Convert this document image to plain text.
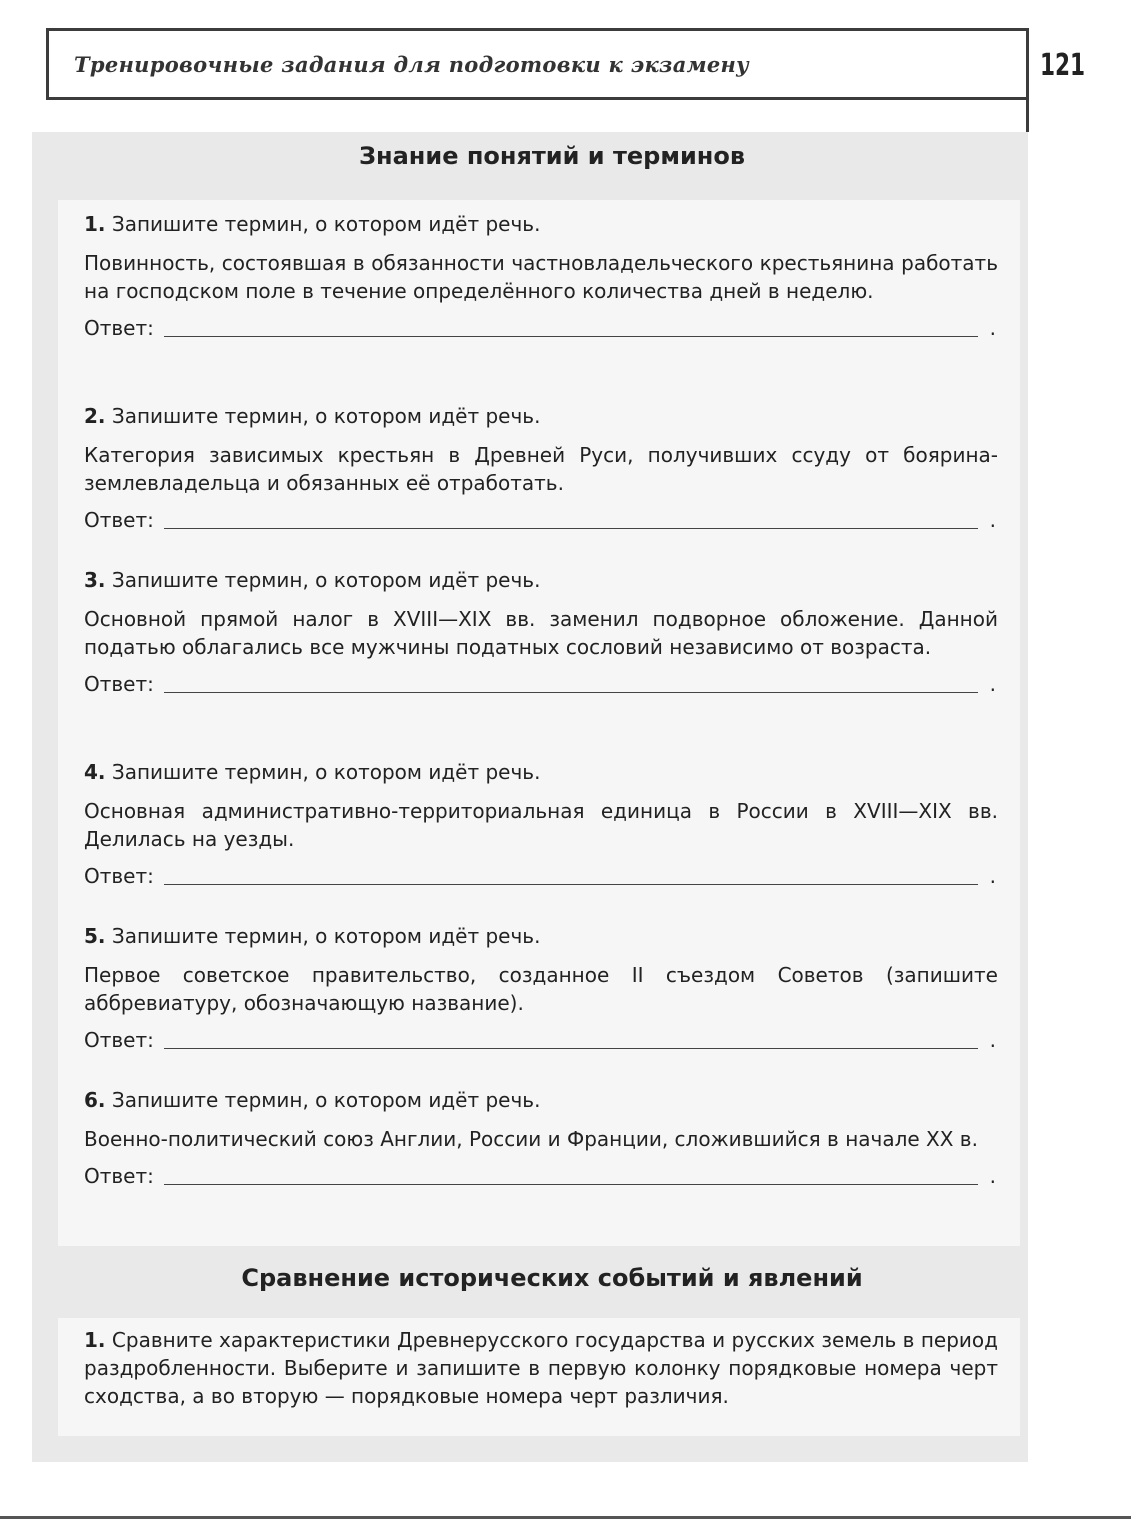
Тренировочные задания для подготовки к экзамену	121
Знание понятий и терминов

1. Запишите термин, о котором идёт речь.

Повинность, состоявшая в обязанности частновладельческого крестьянина работать на господском поле в течение определённого количества дней в неделю.

Ответ:	.

2. Запишите термин, о котором идёт речь.

Категория зависимых крестьян в Древней Руси, получивших ссуду от боярина-землевладельца и обязанных её отработать.

Ответ:	.

3. Запишите термин, о котором идёт речь.

Основной прямой налог в XVIII—XIX вв. заменил подворное обложение. Данной податью облагались все мужчины податных сословий независимо от возраста.

Ответ:	.

4. Запишите термин, о котором идёт речь.

Основная административно-территориальная единица в России в XVIII—XIX вв. Делилась на уезды.

Ответ:	.

5. Запишите термин, о котором идёт речь.

Первое советское правительство, созданное II съездом Советов (запишите аббревиатуру, обозначающую название).

Ответ:	.

6. Запишите термин, о котором идёт речь.

Военно-политический союз Англии, России и Франции, сложившийся в начале XX в.

Ответ:	.
Сравнение исторических событий и явлений

1. Сравните характеристики Древнерусского государства и русских земель в период раздробленности. Выберите и запишите в первую колонку порядковые номера черт сходства, а во вторую — порядковые номера черт различия.
